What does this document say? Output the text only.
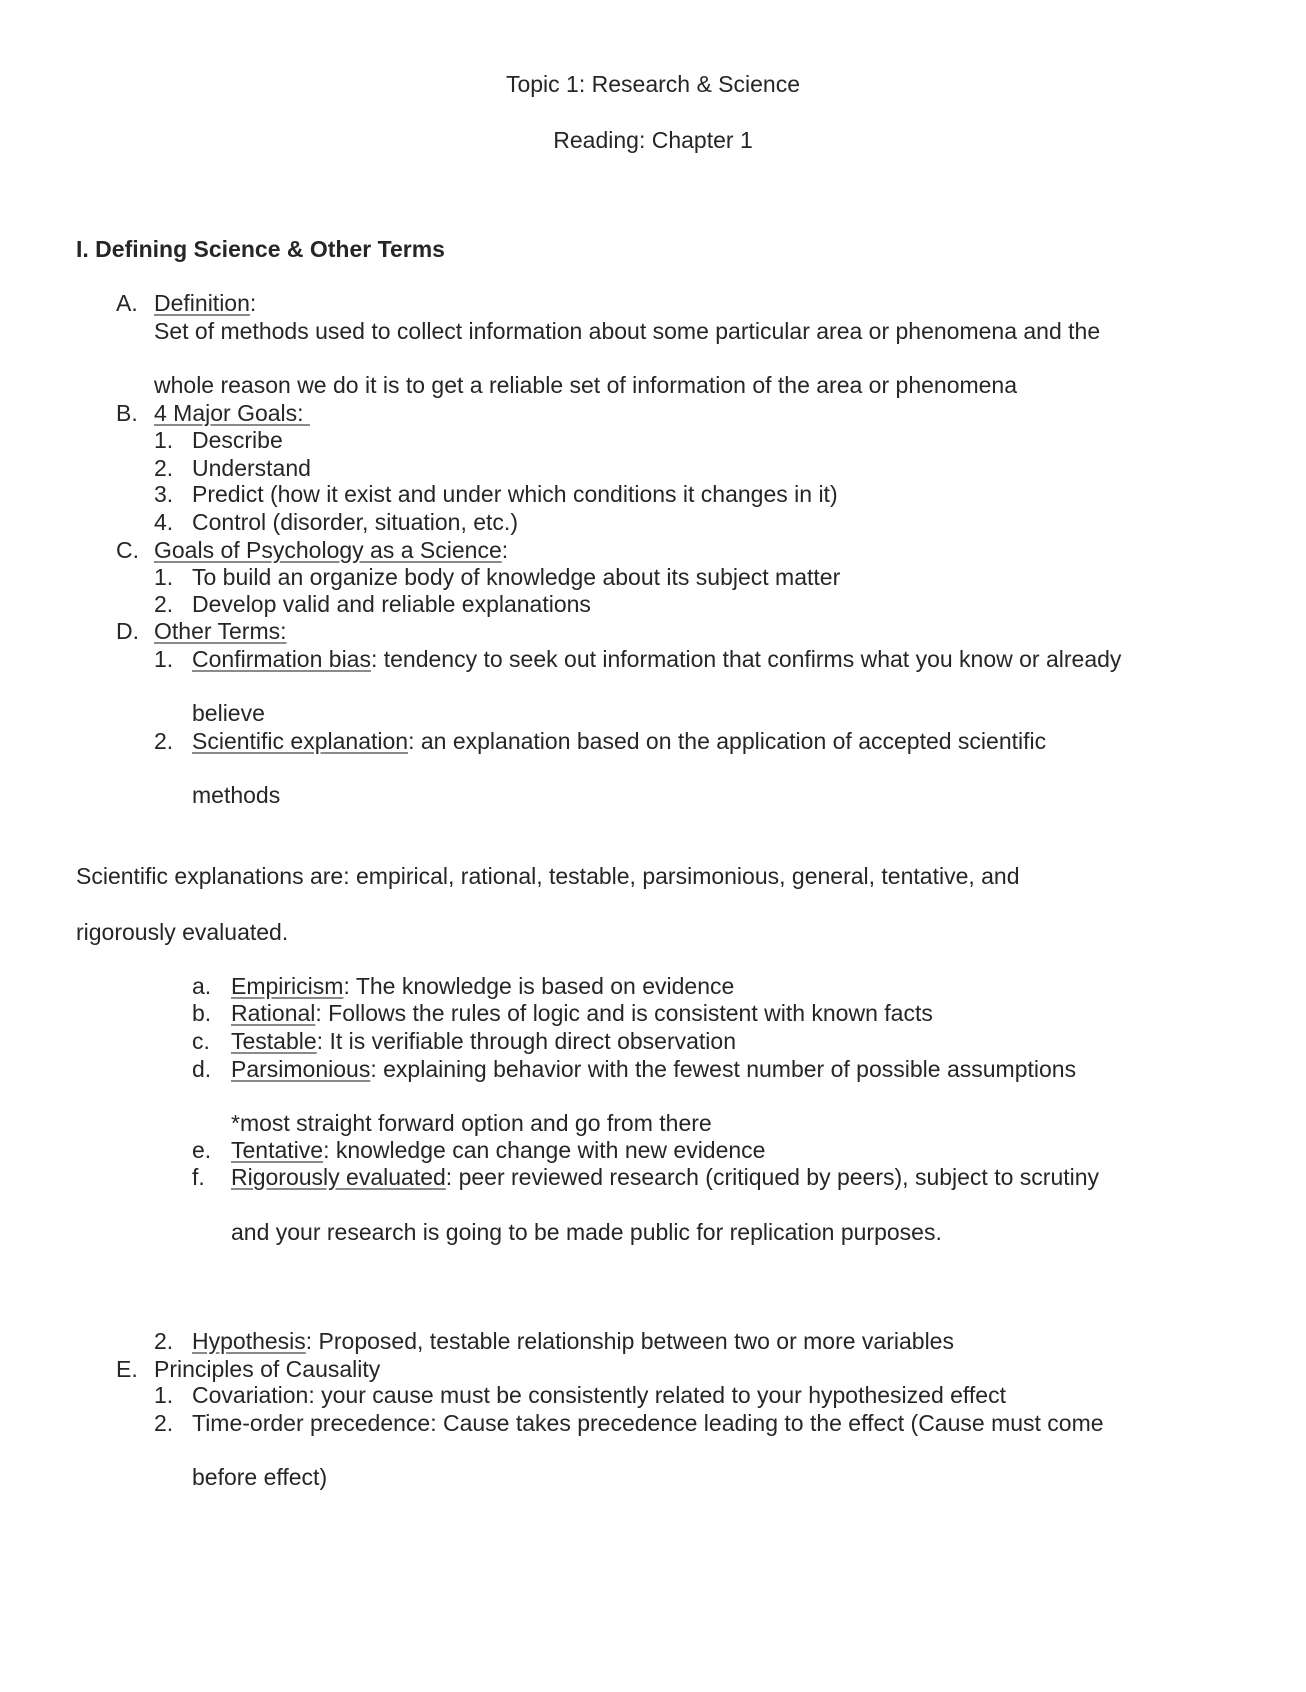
Topic 1: Research & Science
Reading: Chapter 1
I. Defining Science & Other Terms
A. Definition:
Set of methods used to collect information about some particular area or phenomena and the
whole reason we do it is to get a reliable set of information of the area or phenomena
B. 4 Major Goals:
1. Describe
2. Understand
3. Predict (how it exist and under which conditions it changes in it)
4. Control (disorder, situation, etc.)
C. Goals of Psychology as a Science:
1. To build an organize body of knowledge about its subject matter
2. Develop valid and reliable explanations
D. Other Terms:
1. Confirmation bias: tendency to seek out information that confirms what you know or already
believe
2. Scientific explanation: an explanation based on the application of accepted scientific
methods
Scientific explanations are: empirical, rational, testable, parsimonious, general, tentative, and
rigorously evaluated.
a. Empiricism: The knowledge is based on evidence
b. Rational: Follows the rules of logic and is consistent with known facts
c. Testable: It is verifiable through direct observation
d. Parsimonious: explaining behavior with the fewest number of possible assumptions
*most straight forward option and go from there
e. Tentative: knowledge can change with new evidence
f. Rigorously evaluated: peer reviewed research (critiqued by peers), subject to scrutiny
and your research is going to be made public for replication purposes.
2. Hypothesis: Proposed, testable relationship between two or more variables
E. Principles of Causality
1. Covariation: your cause must be consistently related to your hypothesized effect
2. Time-order precedence: Cause takes precedence leading to the effect (Cause must come
before effect)
